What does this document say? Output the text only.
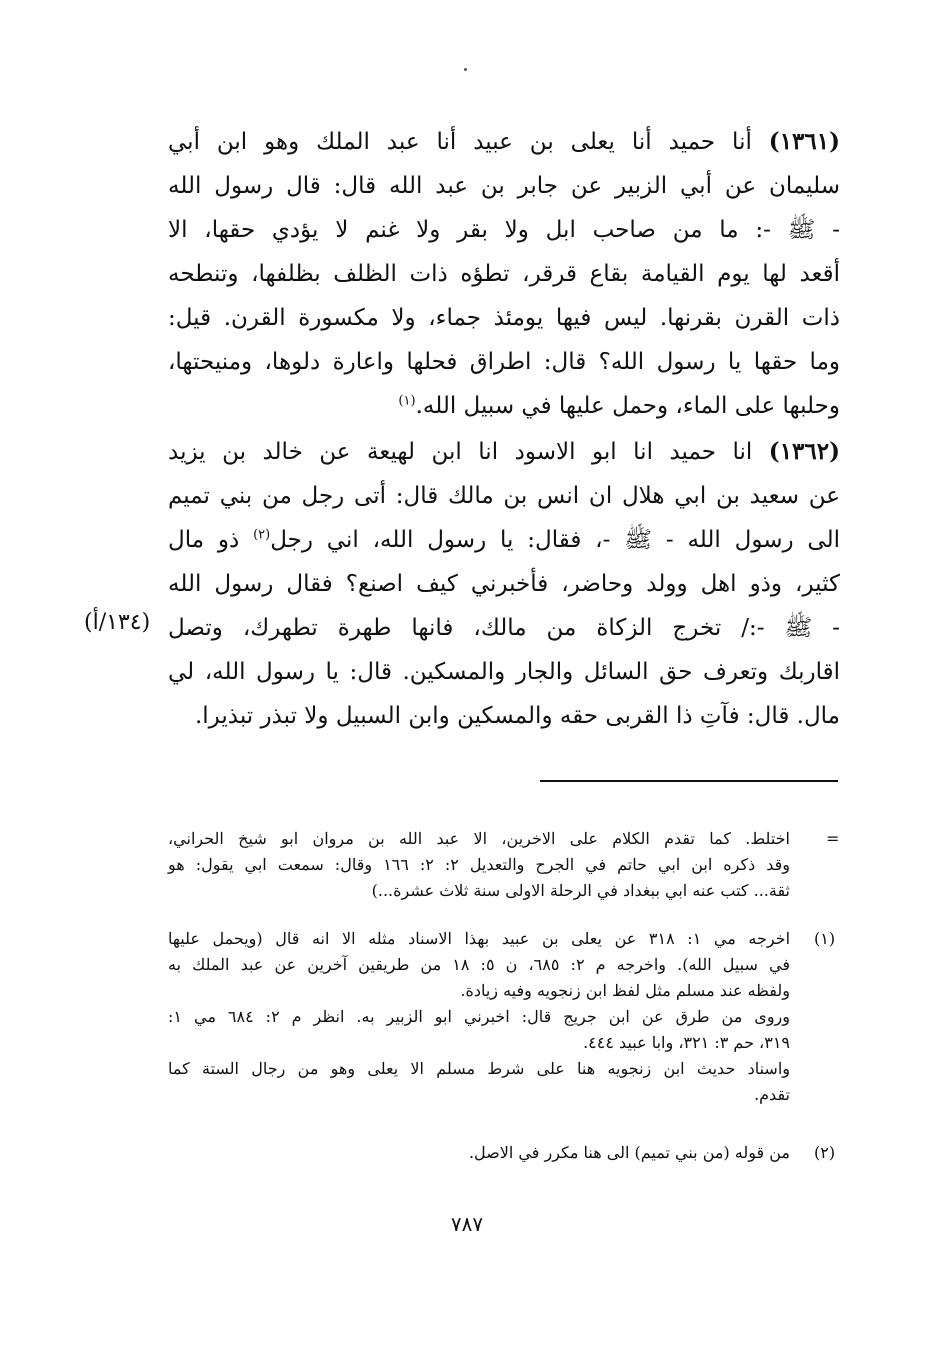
(١٣٦١) أنا حميد أنا يعلى بن عبيد أنا عبد الملك وهو ابن أبي
سليمان عن أبي الزبير عن جابر بن عبد الله قال: قال رسول الله
- ﷺ -: ما من صاحب ابل ولا بقر ولا غنم لا يؤدي حقها، الا
أقعد لها يوم القيامة بقاع قرقر، تطؤه ذات الظلف بظلفها، وتنطحه
ذات القرن بقرنها. ليس فيها يومئذ جماء، ولا مكسورة القرن. قيل:
وما حقها يا رسول الله؟ قال: اطراق فحلها واعارة دلوها، ومنيحتها،
وحلبها على الماء، وحمل عليها في سبيل الله.$^{(١)}$
(١٣٦٢) انا حميد انا ابو الاسود انا ابن لهيعة عن خالد بن يزيد
عن سعيد بن ابي هلال ان انس بن مالك قال: أتى رجل من بني تميم
الى رسول الله - ﷺ -، فقال: يا رسول الله، اني رجل$^{(٢)}$ ذو مال
كثير، وذو اهل وولد وحاضر، فأخبرني كيف اصنع؟ فقال رسول الله
- ﷺ -:/ تخرج الزكاة من مالك، فانها طهرة تطهرك، وتصل
اقاربك وتعرف حق السائل والجار والمسكين. قال: يا رسول الله، لي
مال. قال: فآتِ ذا القربى حقه والمسكين وابن السبيل ولا تبذر تبذيرا.
(١٣٤/أ)
=
اختلط. كما تقدم الكلام على الاخرين، الا عبد الله بن مروان ابو شيخ الحراني،
وقد ذكره ابن ابي حاتم في الجرح والتعديل ٢: ٢: ١٦٦ وقال: سمعت ابي يقول: هو
ثقة... كتب عنه ابي ببغداد في الرحلة الاولى سنة ثلاث عشرة...)
(١)
اخرجه مي ١: ٣١٨ عن يعلى بن عبيد بهذا الاسناد مثله الا انه قال (ويحمل عليها
في سبيل الله). واخرجه م ٢: ٦٨٥، ن ٥: ١٨ من طريقين آخرين عن عبد الملك به
ولفظه عند مسلم مثل لفظ ابن زنجويه وفيه زيادة.
وروى من طرق عن ابن جريج قال: اخبرني ابو الزبير به. انظر م ٢: ٦٨٤ مي ١:
٣١٩، حم ٣: ٣٢١، وابا عبيد ٤٤٤.
واسناد حديث ابن زنجويه هنا على شرط مسلم الا يعلى وهو من رجال الستة كما
تقدم.
(٢)
من قوله (من بني تميم) الى هنا مكرر في الاصل.
٧٨٧
